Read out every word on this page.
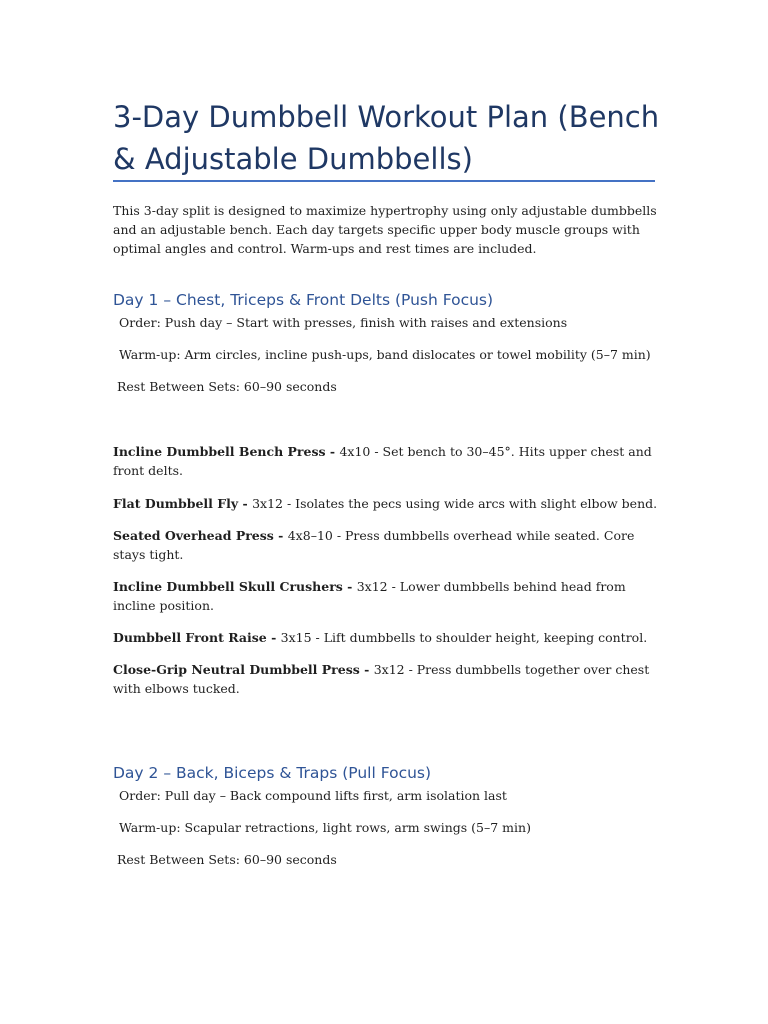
3-Day Dumbbell Workout Plan (Bench & Adjustable Dumbbells)

This 3-day split is designed to maximize hypertrophy using only adjustable dumbbells and an adjustable bench. Each day targets specific upper body muscle groups with optimal angles and control. Warm-ups and rest times are included.

Day 1 – Chest, Triceps & Front Delts (Push Focus)

Order: Push day – Start with presses, finish with raises and extensions

Warm-up: Arm circles, incline push-ups, band dislocates or towel mobility (5–7 min)

Rest Between Sets: 60–90 seconds

Incline Dumbbell Bench Press - 4x10 - Set bench to 30–45°. Hits upper chest and front delts.

Flat Dumbbell Fly - 3x12 - Isolates the pecs using wide arcs with slight elbow bend.

Seated Overhead Press - 4x8–10 - Press dumbbells overhead while seated. Core stays tight.

Incline Dumbbell Skull Crushers - 3x12 - Lower dumbbells behind head from incline position.

Dumbbell Front Raise - 3x15 - Lift dumbbells to shoulder height, keeping control.

Close-Grip Neutral Dumbbell Press - 3x12 - Press dumbbells together over chest with elbows tucked.

Day 2 – Back, Biceps & Traps (Pull Focus)

Order: Pull day – Back compound lifts first, arm isolation last

Warm-up: Scapular retractions, light rows, arm swings (5–7 min)

Rest Between Sets: 60–90 seconds
